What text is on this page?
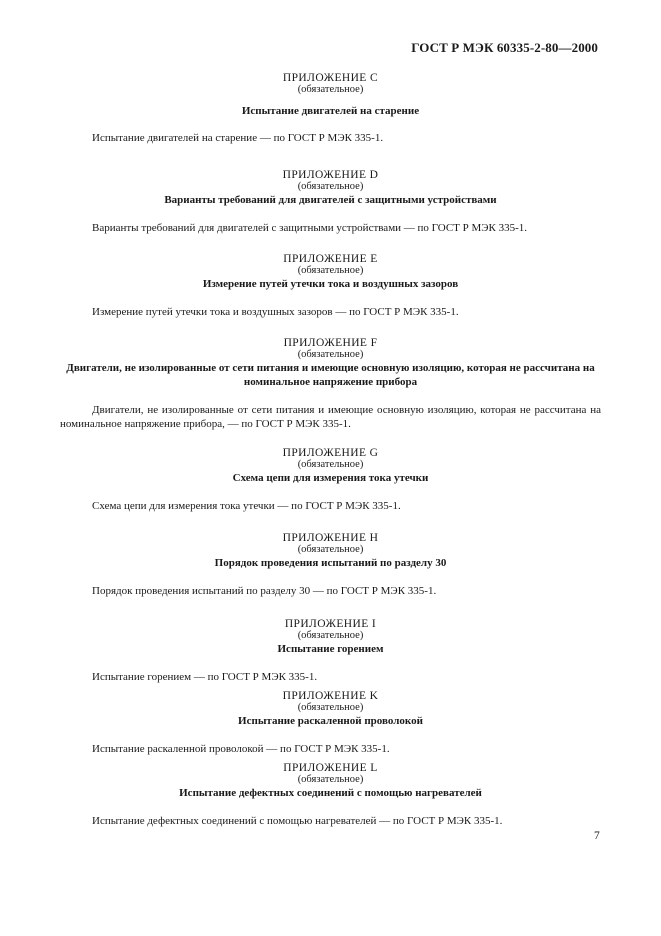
ГОСТ Р МЭК 60335-2-80—2000
ПРИЛОЖЕНИЕ С
(обязательное)
Испытание двигателей на старение
Испытание двигателей на старение — по ГОСТ Р МЭК 335-1.
ПРИЛОЖЕНИЕ D
(обязательное)
Варианты требований для двигателей с защитными устройствами
Варианты требований для двигателей с защитными устройствами — по ГОСТ Р МЭК 335-1.
ПРИЛОЖЕНИЕ E
(обязательное)
Измерение путей утечки тока и воздушных зазоров
Измерение путей утечки тока и воздушных зазоров — по ГОСТ Р МЭК 335-1.
ПРИЛОЖЕНИЕ F
(обязательное)
Двигатели, не изолированные от сети питания и имеющие основную изоляцию, которая не рассчитана на номинальное напряжение прибора
Двигатели, не изолированные от сети питания и имеющие основную изоляцию, которая не рассчитана на номинальное напряжение прибора, — по ГОСТ Р МЭК 335-1.
ПРИЛОЖЕНИЕ G
(обязательное)
Схема цепи для измерения тока утечки
Схема цепи для измерения тока утечки — по ГОСТ Р МЭК 335-1.
ПРИЛОЖЕНИЕ H
(обязательное)
Порядок проведения испытаний по разделу 30
Порядок проведения испытаний по разделу 30 — по ГОСТ Р МЭК 335-1.
ПРИЛОЖЕНИЕ I
(обязательное)
Испытание горением
Испытание горением — по ГОСТ Р МЭК 335-1.
ПРИЛОЖЕНИЕ K
(обязательное)
Испытание раскаленной проволокой
Испытание раскаленной проволокой — по ГОСТ Р МЭК 335-1.
ПРИЛОЖЕНИЕ L
(обязательное)
Испытание дефектных соединений с помощью нагревателей
Испытание дефектных соединений с помощью нагревателей — по ГОСТ Р МЭК 335-1.
7
